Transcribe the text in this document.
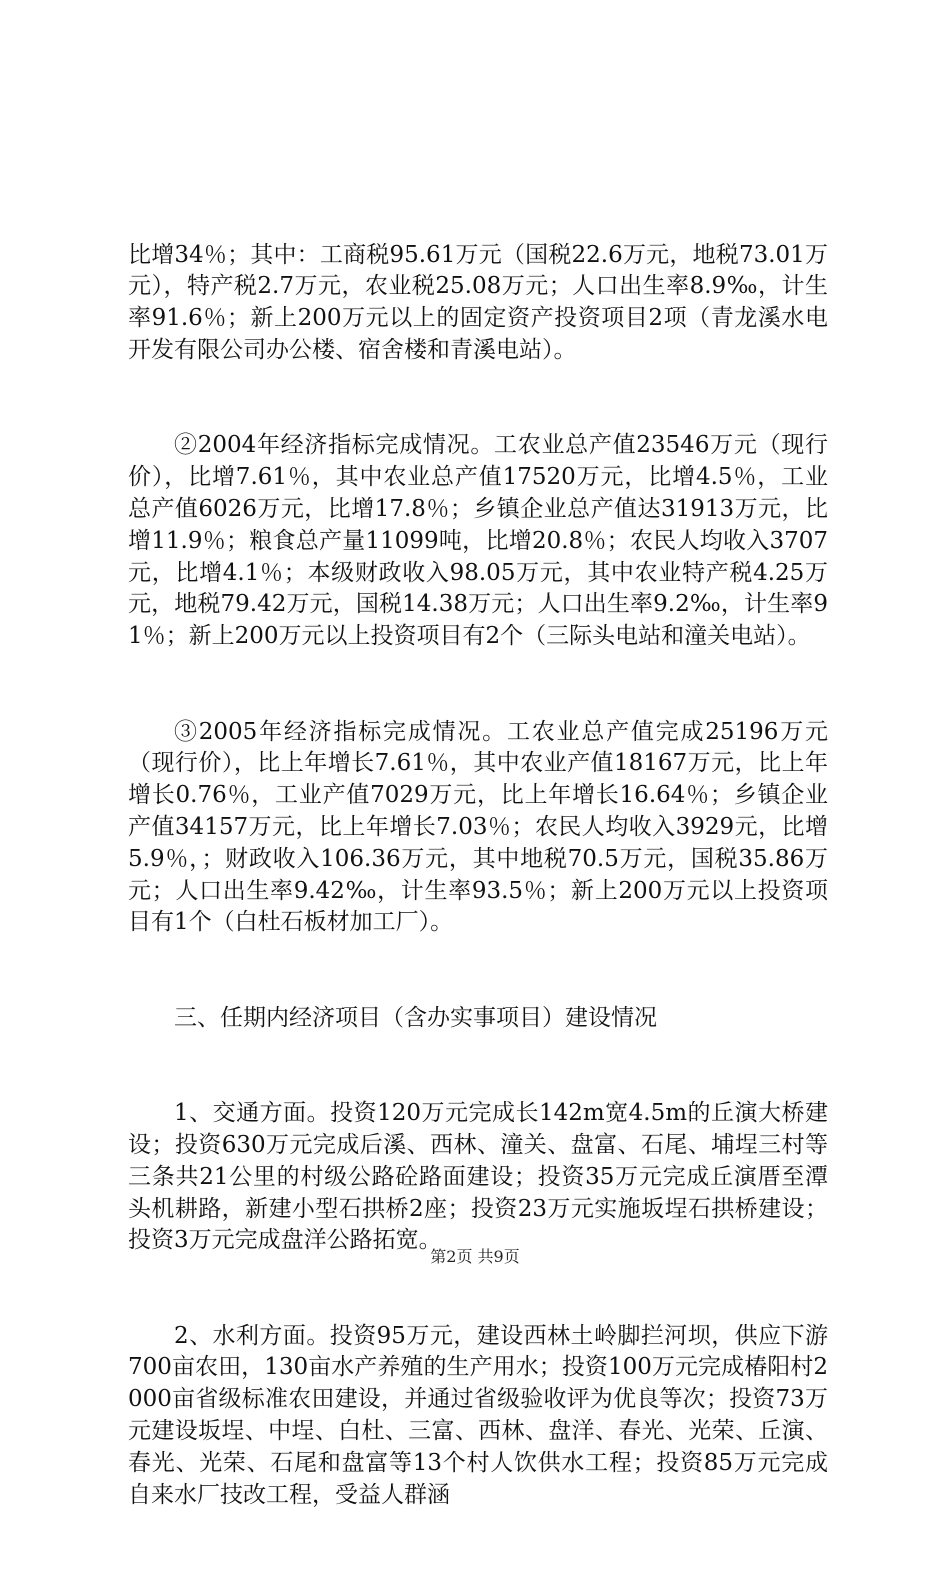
比增34％；其中：工商税95.61万元（国税22.6万元，地税73.01万元），特产税2.7万元，农业税25.08万元；人口出生率8.9‰，计生率91.6％；新上200万元以上的固定资产投资项目2项（青龙溪水电开发有限公司办公楼、宿舍楼和青溪电站）。

②2004年经济指标完成情况。工农业总产值23546万元（现行价），比增7.61％，其中农业总产值17520万元，比增4.5％，工业总产值6026万元，比增17.8％；乡镇企业总产值达31913万元，比增11.9％；粮食总产量11099吨，比增20.8％；农民人均收入3707元，比增4.1％；本级财政收入98.05万元，其中农业特产税4.25万元，地税79.42万元，国税14.38万元；人口出生率9.2‰，计生率91％；新上200万元以上投资项目有2个（三际头电站和潼关电站）。

③2005年经济指标完成情况。工农业总产值完成25196万元（现行价），比上年增长7.61％，其中农业产值18167万元，比上年增长0.76％，工业产值7029万元，比上年增长16.64％；乡镇企业产值34157万元，比上年增长7.03％；农民人均收入3929元，比增5.9％，；财政收入106.36万元，其中地税70.5万元，国税35.86万元；人口出生率9.42‰，计生率93.5％；新上200万元以上投资项目有1个（白杜石板材加工厂）。

三、任期内经济项目（含办实事项目）建设情况

1、交通方面。投资120万元完成长142m宽4.5m的丘演大桥建设；投资630万元完成后溪、西林、潼关、盘富、石尾、埔埕三村等三条共21公里的村级公路砼路面建设；投资35万元完成丘演厝至潭头机耕路，新建小型石拱桥2座；投资23万元实施坂埕石拱桥建设；投资3万元完成盘洋公路拓宽。

2、水利方面。投资95万元，建设西林土岭脚拦河坝，供应下游700亩农田，130亩水产养殖的生产用水；投资100万元完成椿阳村2000亩省级标准农田建设，并通过省级验收评为优良等次；投资73万元建设坂埕、中埕、白杜、三富、西林、盘洋、春光、光荣、丘演、春光、光荣、石尾和盘富等13个村人饮供水工程；投资85万元完成自来水厂技改工程，受益人群涵

第2页 共9页
